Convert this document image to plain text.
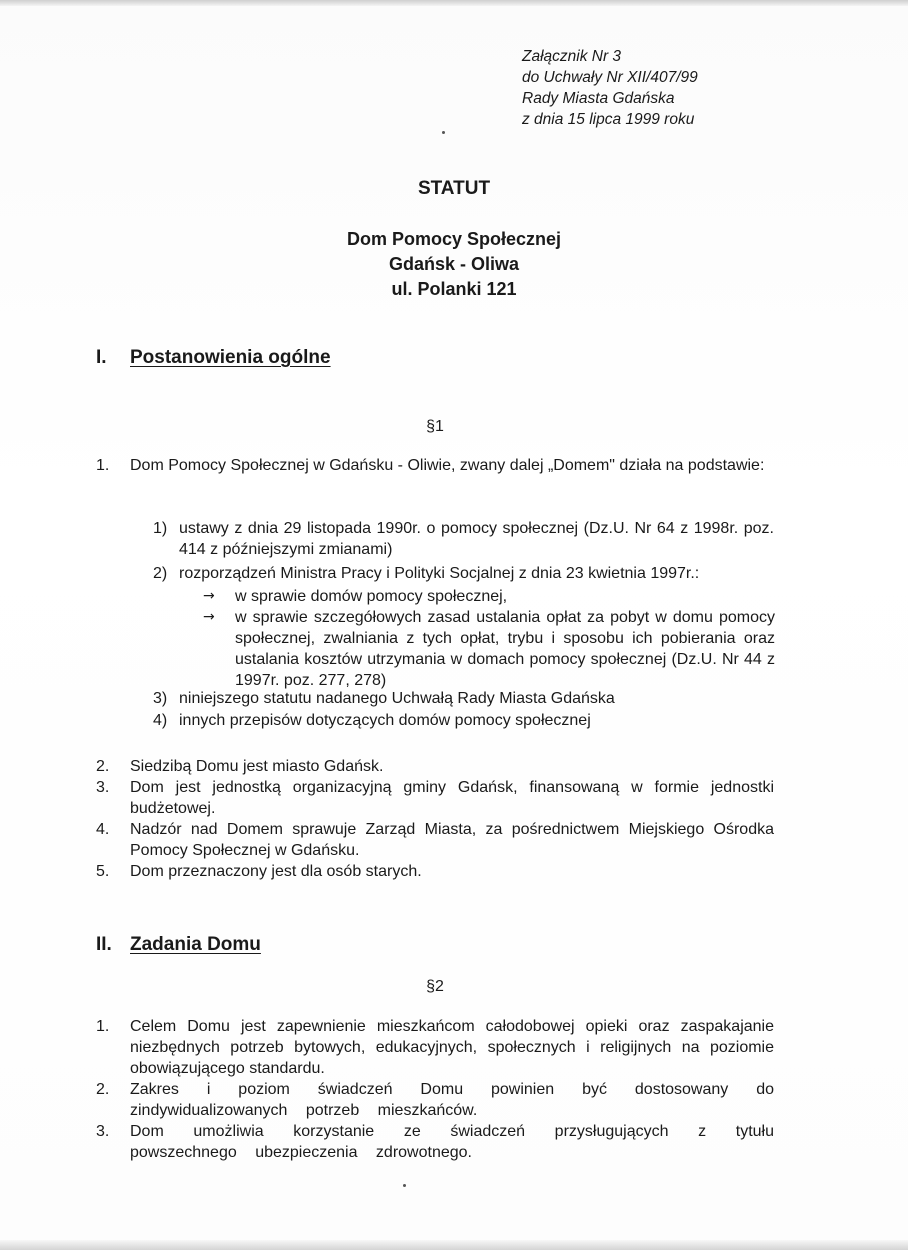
Załącznik Nr 3
do Uchwały Nr XII/407/99
Rady Miasta Gdańska
z dnia 15 lipca 1999 roku
STATUT
Dom Pomocy Społecznej
Gdańsk - Oliwa
ul. Polanki 121
I. Postanowienia ogólne
§1
1. Dom Pomocy Społecznej w Gdańsku - Oliwie, zwany dalej „Domem" działa na podstawie:
1) ustawy z dnia 29 listopada 1990r. o pomocy społecznej (Dz.U. Nr 64 z 1998r. poz. 414 z późniejszymi zmianami)
2) rozporządzeń Ministra Pracy i Polityki Socjalnej z dnia 23 kwietnia 1997r.:
→ w sprawie domów pomocy społecznej,
→ w sprawie szczegółowych zasad ustalania opłat za pobyt w domu pomocy społecznej, zwalniania z tych opłat, trybu i sposobu ich pobierania oraz ustalania kosztów utrzymania w domach pomocy społecznej (Dz.U. Nr 44 z 1997r. poz. 277, 278)
3) niniejszego statutu nadanego Uchwałą Rady Miasta Gdańska
4) innych przepisów dotyczących domów pomocy społecznej
2. Siedzibą Domu jest miasto Gdańsk.
3. Dom jest jednostką organizacyjną gminy Gdańsk, finansowaną w formie jednostki budżetowej.
4. Nadzór nad Domem sprawuje Zarząd Miasta, za pośrednictwem Miejskiego Ośrodka Pomocy Społecznej w Gdańsku.
5. Dom przeznaczony jest dla osób starych.
II. Zadania Domu
§2
1. Celem Domu jest zapewnienie mieszkańcom całodobowej opieki oraz zaspakajanie niezbędnych potrzeb bytowych, edukacyjnych, społecznych i religijnych na poziomie obowiązującego standardu.
2. Zakres i poziom świadczeń Domu powinien być dostosowany do zindywidualizowanych potrzeb mieszkańców.
3. Dom umożliwia korzystanie ze świadczeń przysługujących z tytułu powszechnego ubezpieczenia zdrowotnego.
